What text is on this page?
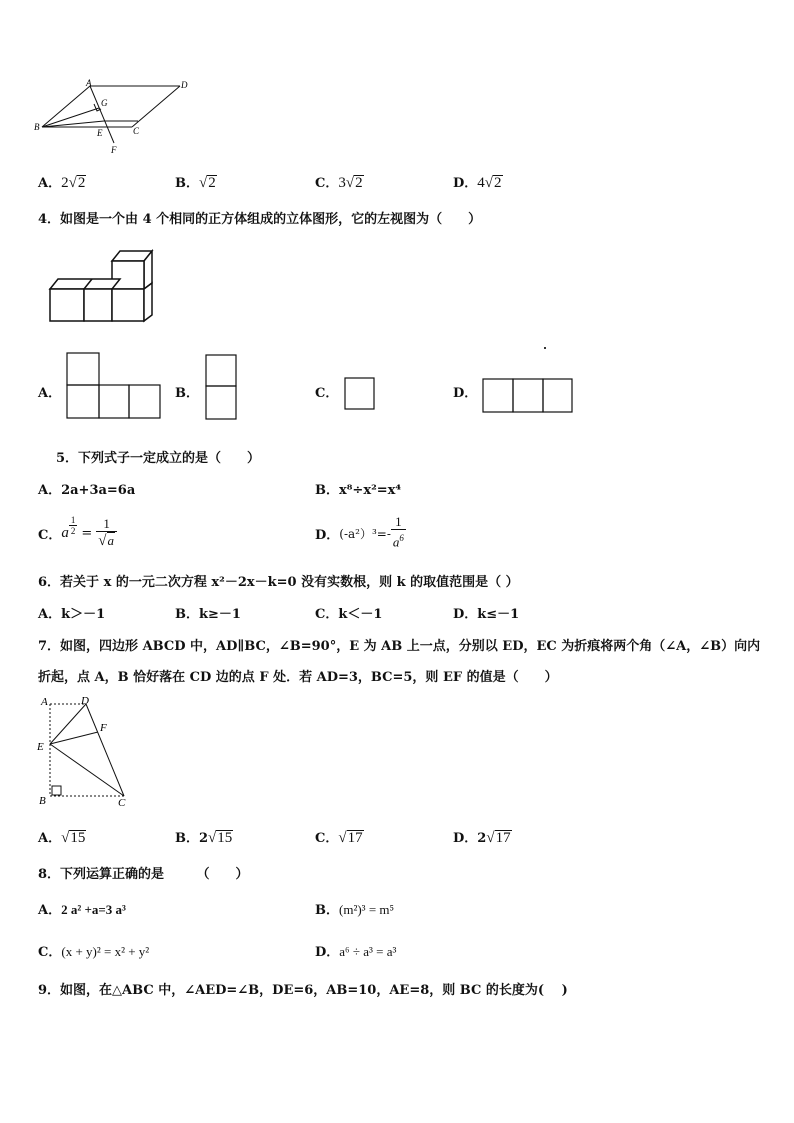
A	D
G
B
E	C
F
A．2√2	B．√2	C．3√2	D．4√2
4．如图是一个由 4 个相同的正方体组成的立体图形，它的左视图为（　　）
A．	B．	C．	D．
5．下列式子一定成立的是（　　）
A．2a+3a=6a	B．x⁸÷x²=x⁴
C． a $\frac{1}{2} = \frac{1}{√a}$	D． $(-a^2)^3=- \frac{1}{a^6}$
6．若关于 x 的一元二次方程 x²－2x－k=0 没有实数根，则 k 的取值范围是（ ）
A．k＞－1	B．k≥－1	C．k＜－1	D．k≤－1
7．如图，四边形 ABCD 中，AD∥BC，∠B=90°，E 为 AB 上一点，分别以 ED，EC 为折痕将两个角（∠A，∠B）向内
折起，点 A，B 恰好落在 CD 边的点 F 处．若 AD=3，BC=5，则 EF 的值是（　　）
A	D
F
E
B	C
A．√15	B．2√15	C．√17	D．2√17
8．下列运算正确的是　　　（　　）
A．2 a² +a=3 a³	B．(m²)³ = m⁵
C．(x + y)² = x² + y²	D．a⁶ ÷ a³ = a³
9．如图，在△ABC 中，∠AED=∠B，DE=6，AB=10，AE=8，则 BC 的长度为(　 )
